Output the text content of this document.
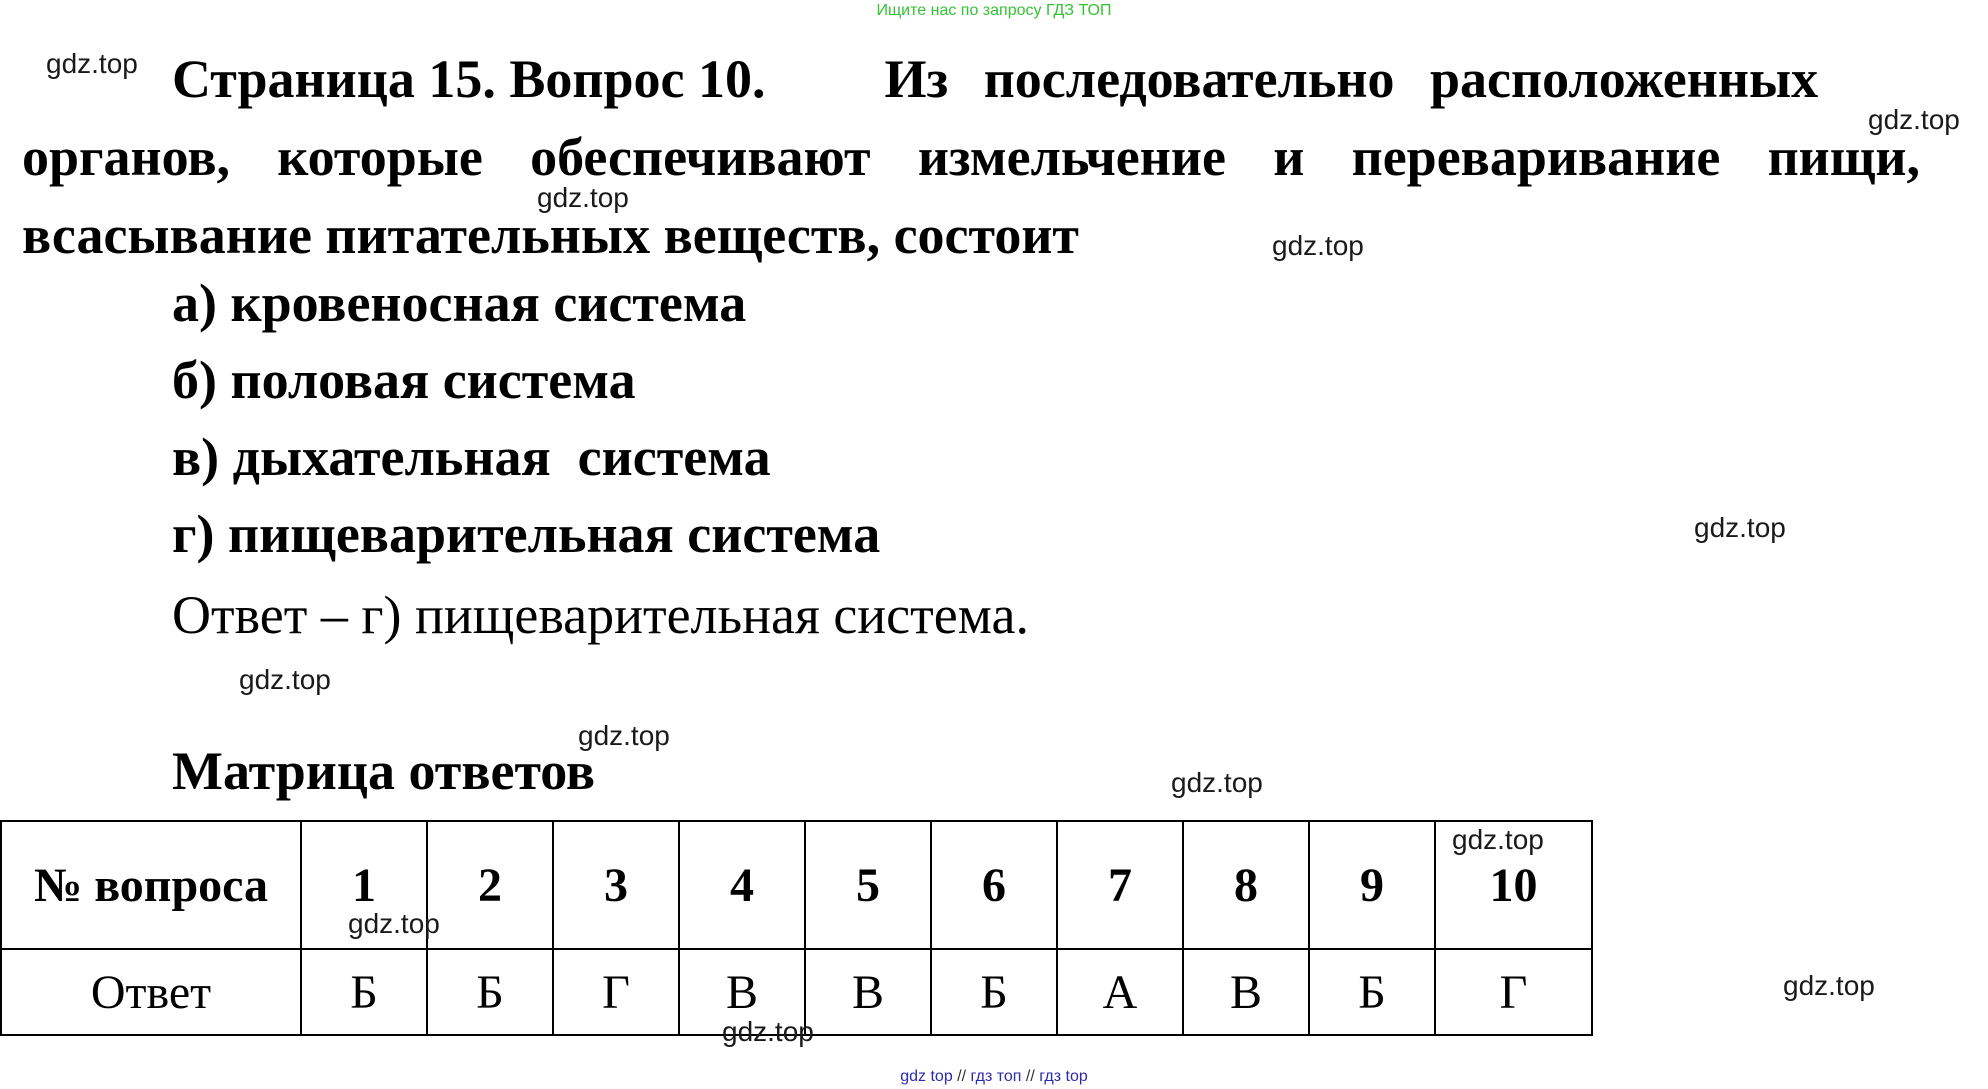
Ищите нас по запросу ГДЗ ТОП
Страница 15. Вопрос 10. Из последовательно расположенных
органов, которые обеспечивают измельчение и переваривание пищи,
всасывание питательных веществ, состоит
а) кровеносная система
б) половая система
в) дыхательная  система
г) пищеварительная система
Ответ – г) пищеварительная система.
Матрица ответов
№ вопроса	1	2	3	4	5	6	7	8	9	10
Ответ	Б	Б	Г	В	В	Б	А	В	Б	Г
gdz.top
gdz.top
gdz.top
gdz.top
gdz.top
gdz.top
gdz.top
gdz.top
gdz.top
gdz.top
gdz.top
gdz.top
gdz top // гдз топ // гдз top
